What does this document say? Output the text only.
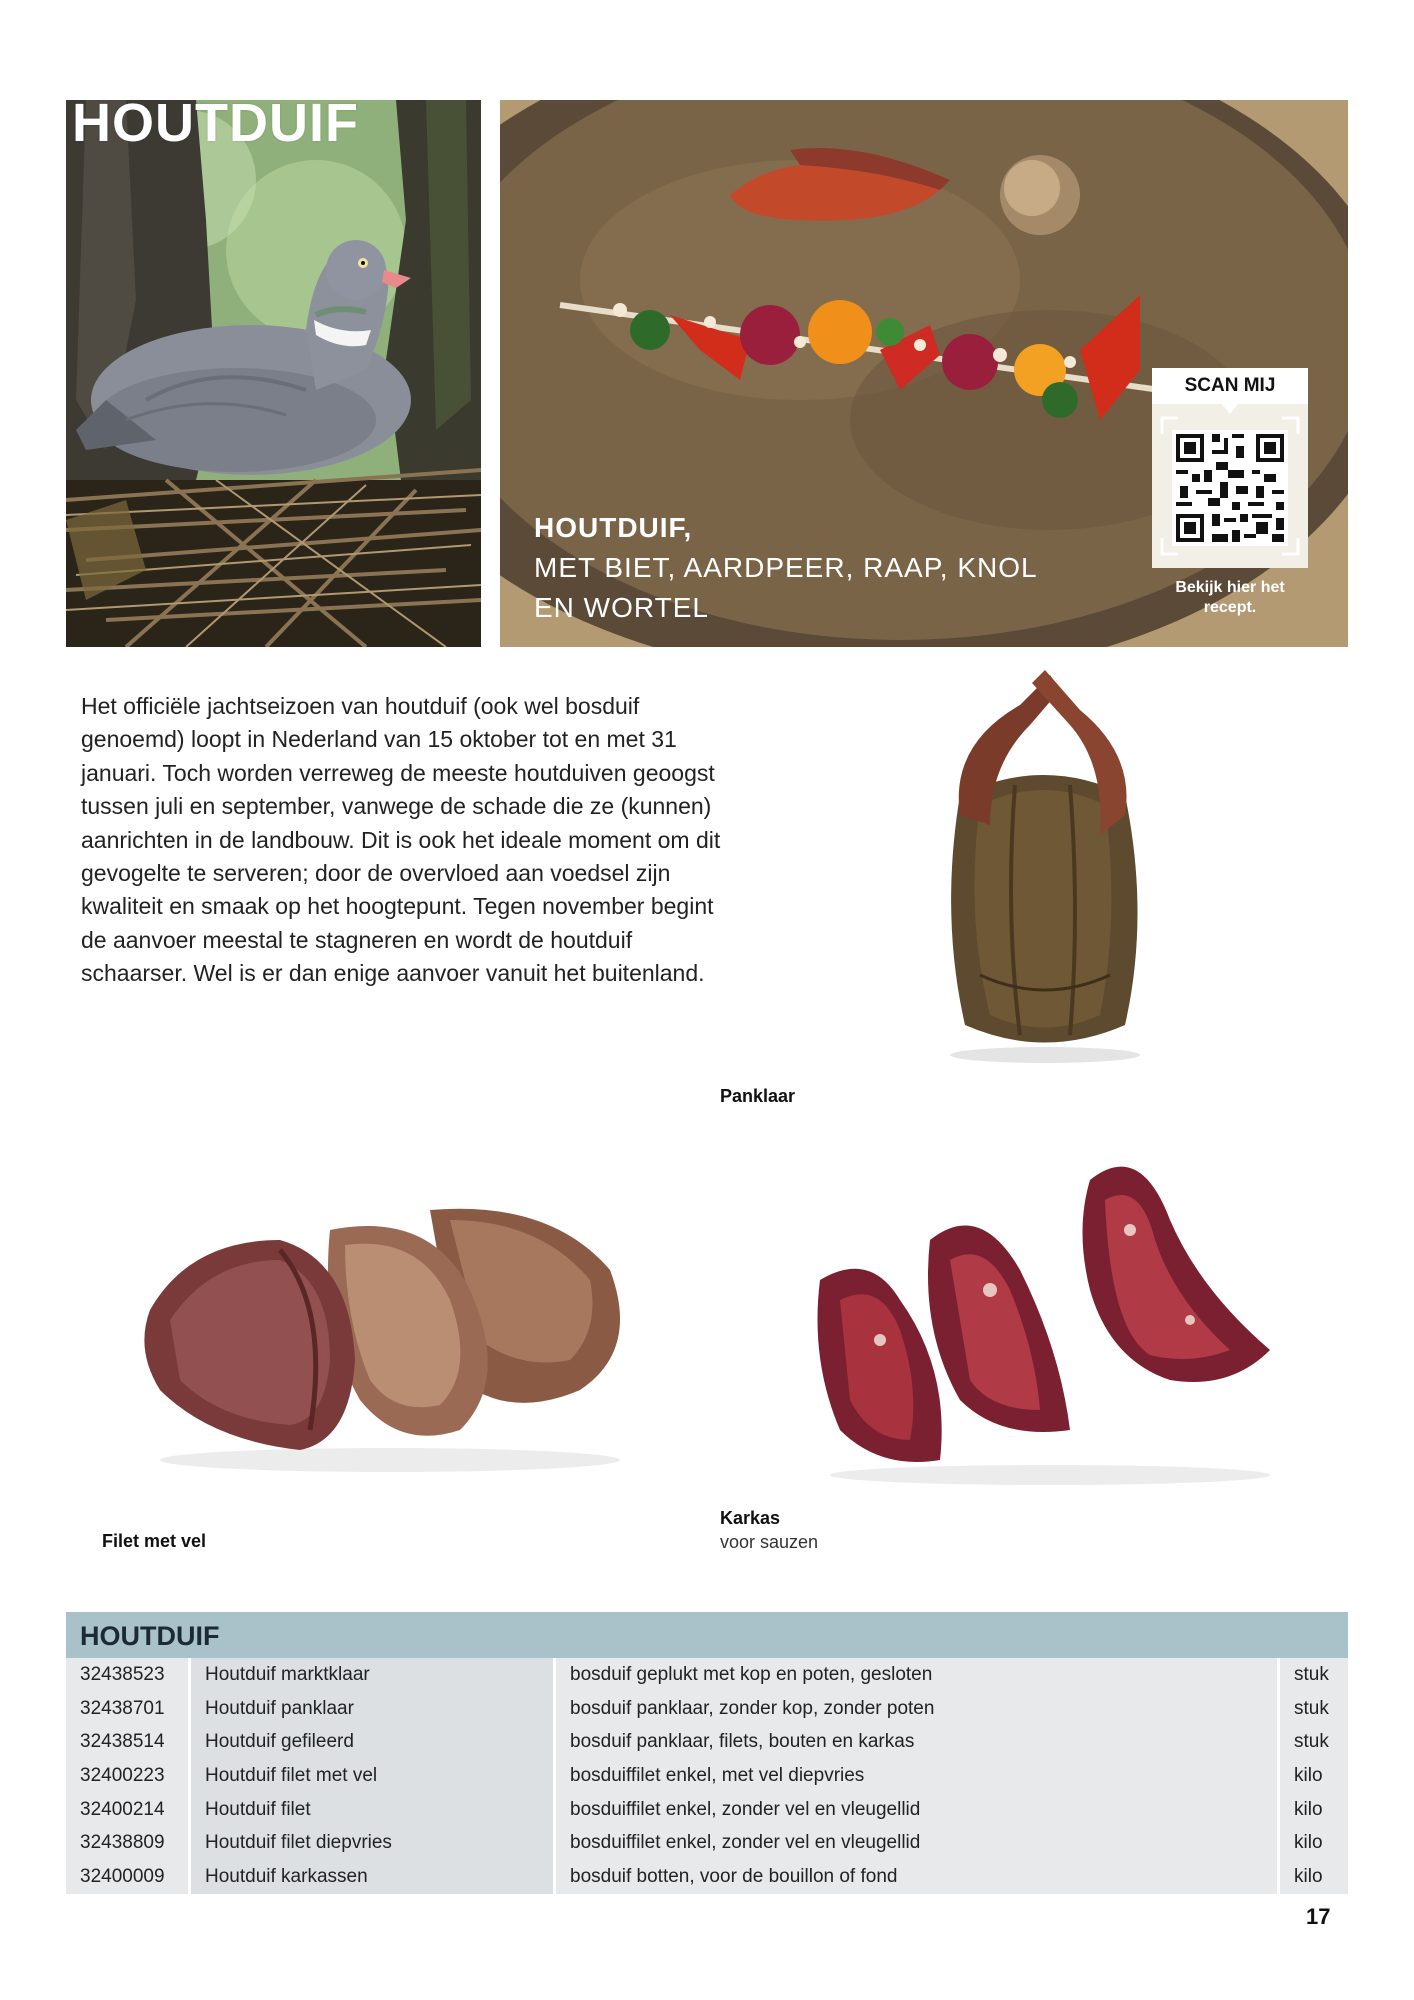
HOUTDUIF
HOUTDUIF,
MET BIET, AARDPEER, RAAP, KNOL
EN WORTEL
SCAN MIJ
Bekijk hier het
recept.

Het officiële jachtseizoen van houtduif (ook wel bosduif genoemd) loopt in Nederland van 15 oktober tot en met 31 januari. Toch worden verreweg de meeste houtduiven geoogst tussen juli en september, vanwege de schade die ze (kunnen) aanrichten in de landbouw. Dit is ook het ideale moment om dit gevogelte te serveren; door de overvloed aan voedsel zijn kwaliteit en smaak op het hoogtepunt. Tegen november begint de aanvoer meestal te stagneren en wordt de houtduif schaarser. Wel is er dan enige aanvoer vanuit het buitenland.

Panklaar
Filet met vel
Karkas
voor sauzen
HOUTDUIF
32438523	Houtduif marktklaar	bosduif geplukt met kop en poten, gesloten	stuk
32438701	Houtduif panklaar	bosduif panklaar, zonder kop, zonder poten	stuk
32438514	Houtduif gefileerd	bosduif panklaar, filets, bouten en karkas	stuk
32400223	Houtduif filet met vel	bosduiffilet enkel, met vel diepvries	kilo
32400214	Houtduif filet	bosduiffilet enkel, zonder vel en vleugellid	kilo
32438809	Houtduif filet diepvries	bosduiffilet enkel, zonder vel en vleugellid	kilo
32400009	Houtduif karkassen	bosduif botten, voor de bouillon of fond	kilo
17
